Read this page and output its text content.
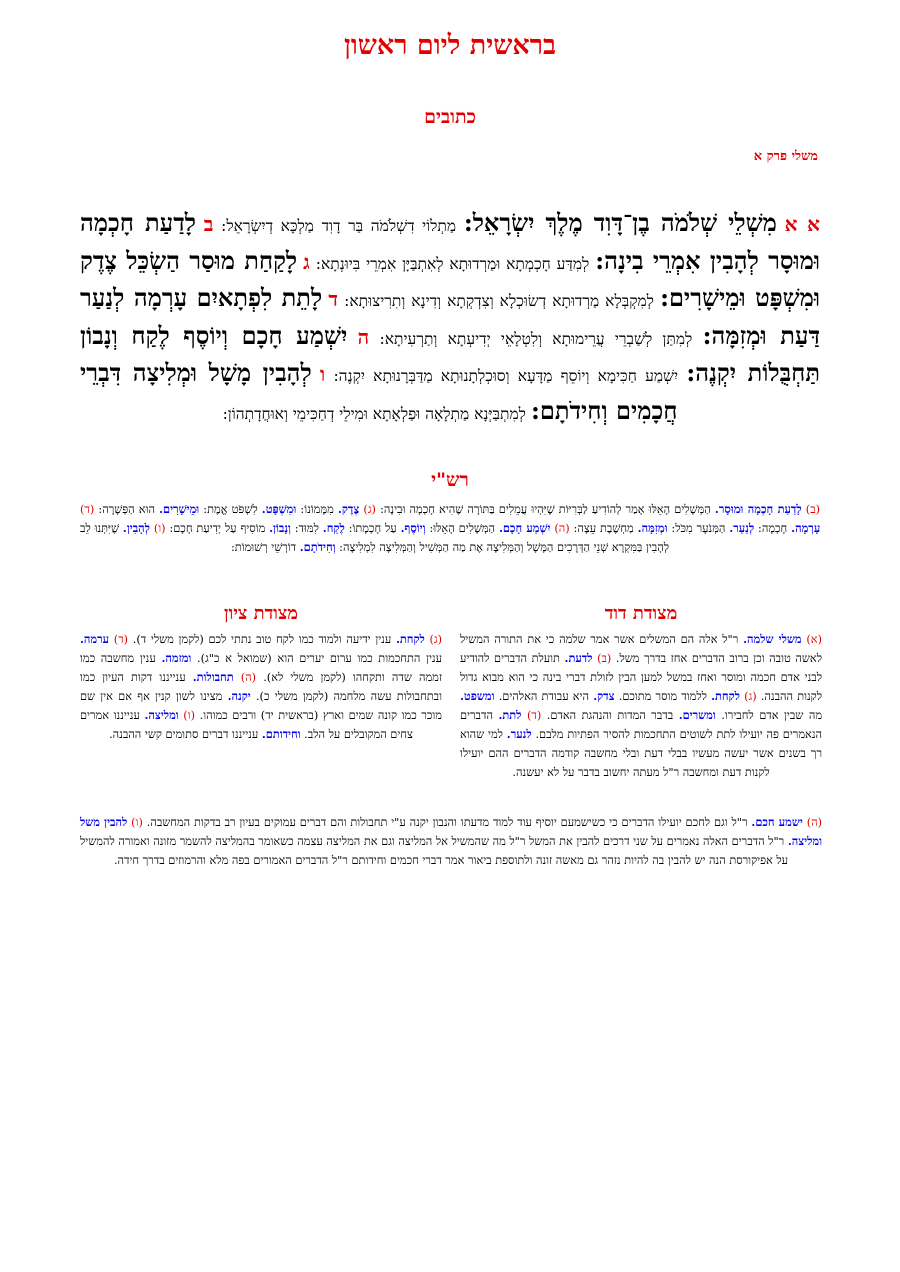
בראשית ליום ראשון
כתובים
משלי פרק א
א א מִשְׁלֵי שְׁלֹמֹה בֶן־דָּוִד מֶלֶךְ יִשְׂרָאֵל: מַתְלוֹי דִשְׁלֹמֹה בַּר דָוִד מַלְכָּא דְיִשְׂרָאֵל: ב לָדַעַת חָכְמָה וּמוּסָר לְהָבִין אִמְרֵי בִינָה: לְמִדַּע חָכְמְתָא וּמַרְדוּתָא לְאִתְבַּיָּן אִמְרֵי בִּיוּנְתָא: ג לָקַחַת מוּסַר הַשְׂכֵּל צֶדֶק וּמִשְׁפָּט וּמֵישָׁרִים: לְמִקְבְּלָא מַרְדוּתָא דְשׂוּכְלָא וְצִדְקְתָא וְדִינָא וְתִרִיצוּתָא: ד לָתֵת לִפְתָאיִם עָרְמָה לְנַעַר דַּעַת וּמְזִמָּה: לְמִתַּן לְשַׁבְרֵי עֲרֵימוּתָא וְלִטְלָאֵי יְדִיעְתָא וְתַרְעִיתָא: ה יִשְׁמַע חָכָם וְיוֹסֶף לֶקַח וְנָבוֹן תַּחְבֻּלוֹת יִקְנֶה: יִשְׁמַע חַכִּימָא וְיוֹסֵף מַדָּעָא וְסוּכְלְתָנוּתָא מַדַּבְּרָנוּתָא יִקְנֶה: ו לְהָבִין מָשָׁל וּמְלִיצָה דִּבְרֵי חֲכָמִים וְחִידֹתָם: לְמִתְבַּיְּנָא מַתְלָאָה וּפַלְאָתָא וּמִילֵי דְחַכִּימֵי וְאוּחֲדָתְהוֹן:
רש"י
(ב) לָדַעַת חָכְמָה וּמוּסָר. הַמְּשָׁלִים הָאֵלּוּ אָמַר לְהוֹדִיעַ לַבְּרִיּוֹת שֶׁיִּהְיוּ עֲמֵלִים בַּתּוֹרָה שֶׁהִיא חָכְמָה וּבִינָה: (ג) צֶדֶק. מִמָּמוֹנוֹ: וּמִשְׁפָּט. לִשְׁפֹּט אֱמֶת: וּמֵישָׁרִים. הוּא הַפְּשָׁרָה: (ד) עָרְמָה. חָכְמָה: לְנַעַר. הַמְּנֹעָר מִכֹּל: וּמְזִמָּה. מַחְשֶׁבֶת עֵצָה: (ה) יִשְׁמַע חָכָם. הַמְּשָׁלִים הָאֵלּוּ: וְיוֹסֶף. עַל חָכְמָתוֹ: לֶקַח. לִמּוּד: וְנָבוֹן. מוֹסִיף עַל יְדִיעַת חָכָם: (ו) לְהָבִין. שֶׁיִּתְּנוּ לֵב לְהָבִין בַּמִּקְרָא שְׁנֵי הַדְּרָכִים הַמָּשָׁל וְהַמְּלִיצָה אֶת מַה הַמְּשִׁיל וְהַמְּלִיצָה לִמְלִיצָה: וְחִידֹתָם. דוֹרְשֵׁי רְשׁוּמוֹת:
מצודת דוד
מצודת ציון
(א) משלי שלמה. ר"ל אלה הם המשלים אשר אמר שלמה כי את התורה המשיל לאשה טובה וכן ברוב הדברים אחז בדרך משל. (ב) לדעת. תועלת הדברים להודיע לבני אדם חכמה ומוסר ואחז במשל למען הבין לזולת דברי בינה כי הוא מבוא גדול לקנות ההבנה. (ג) לקחת. ללמוד מוסר מתוכם. צדק. היא עבודת האלהים. ומשפט. מה שבין אדם לחבירו. ומשרים. בדבר המדות והנהגת האדם. (ד) לתת. הדברים הנאמרים פה יועילו לתת לשוטים התחכמות להסיר הפתיות מלבם. לנער. למי שהוא רך בשנים אשר יעשה מעשיו בבלי דעת ובלי מחשבה קודמה הדברים ההם יועילו לקנות דעת ומחשבה ר"ל מעתה יחשוב בדבר על לא יעשנה.
(ג) לקחת. ענין ידיעה ולמוד כמו לקח טוב נתתי לכם (לקמן משלי ד). (ד) ערמה. ענין התחכמות כמו ערום יערים הוא (שמואל א כ"ג). ומזמה. ענין מחשבה כמו זממה שדה ותקחהו (לקמן משלי לא). (ה) תחבולות. ענייננו דקות העיון כמו ובתחבולות עשה מלחמה (לקמן משלי כ). יקנה. מצינו לשון קנין אף אם אין שם מוכר כמו קונה שמים וארץ (בראשית יד) ורבים כמוהו. (ו) ומליצה. ענייננו אמרים צחים המקובלים על הלב. וחידותם. ענייננו דברים סתומים קשי ההבנה.
(ה) ישמע חכם. ר"ל וגם לחכם יועילו הדברים כי כשישמעם יוסיף עוד למוד מדעתו והנבון יקנה ע"י תחבולות והם דברים עמוקים בעיון רב בדקות המחשבה. (ו) להבין משל ומליצה. ר"ל הדברים האלה נאמרים על שני דרכים להבין את המשל ר"ל מה שהמשיל אל המליצה וגם את המליצה עצמה כשאומר בהמליצה להשמר מזונה ואמורה להמשיל על אפיקורסת הנה יש להבין בה להיות נזהר גם מאשה זונה ולתוספת ביאור אמר דברי חכמים וחידותם ר"ל הדברים האמורים בפה מלא והרמוזים בדרך חידה.
